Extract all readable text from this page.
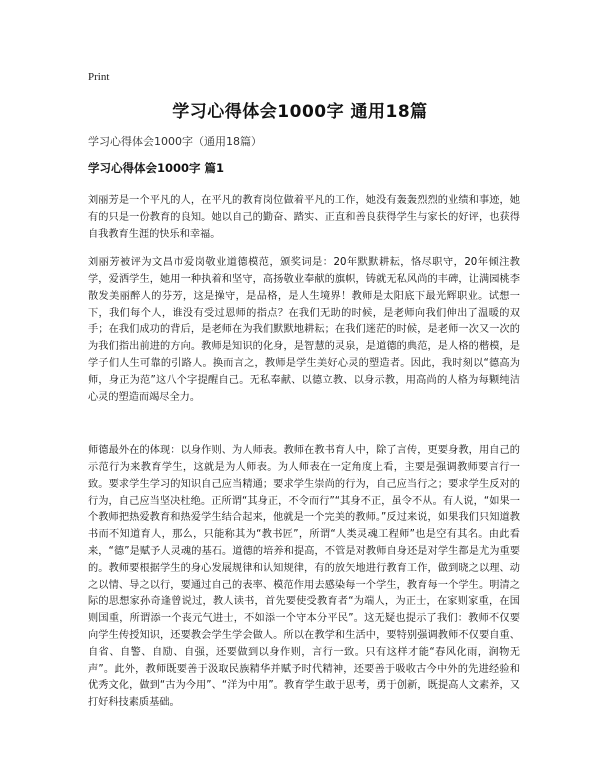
Print
学习心得体会1000字 通用18篇
学习心得体会1000字（通用18篇）
学习心得体会1000字 篇1

刘丽芳是一个平凡的人，在平凡的教育岗位做着平凡的工作，她没有轰轰烈烈的业绩和事迹，她有的只是一份教育的良知。她以自己的勤奋、踏实、正直和善良获得学生与家长的好评，也获得自我教育生涯的快乐和幸福。

刘丽芳被评为文昌市爱岗敬业道德模范，颁奖词是：20年默默耕耘，恪尽职守，20年倾注教学，爱洒学生，她用一种执着和坚守，高扬敬业奉献的旗帜，铸就无私风尚的丰碑，让满园桃李散发美丽醉人的芬芳，这是操守，是品格，是人生境界！教师是太阳底下最光辉职业。试想一下，我们每个人，谁没有受过恩师的指点？在我们无助的时候，是老师向我们伸出了温暖的双手；在我们成功的背后，是老师在为我们默默地耕耘；在我们迷茫的时候，是老师一次又一次的为我们指出前进的方向。教师是知识的化身，是智慧的灵泉，是道德的典范，是人格的楷模，是学子们人生可靠的引路人。换而言之，教师是学生美好心灵的塑造者。因此，我时刻以“德高为师，身正为范”这八个字提醒自己。无私奉献、以德立教、以身示教，用高尚的人格为每颗纯洁心灵的塑造而竭尽全力。

师德最外在的体现：以身作则、为人师表。教师在教书育人中，除了言传，更要身教，用自己的示范行为来教育学生，这就是为人师表。为人师表在一定角度上看，主要是强调教师要言行一致。要求学生学习的知识自己应当精通；要求学生崇尚的行为，自己应当行之；要求学生反对的行为，自己应当坚决杜绝。正所谓“其身正，不令而行”“其身不正，虽令不从。有人说，“如果一个教师把热爱教育和热爱学生结合起来，他就是一个完美的教师。”反过来说，如果我们只知道教书而不知道育人，那么，只能称其为“教书匠”，所谓“人类灵魂工程师”也是空有其名。由此看来，“德”是赋予人灵魂的基石。道德的培养和提高，不管是对教师自身还是对学生都是尤为重要的。教师要根据学生的身心发展规律和认知规律，有的放矢地进行教育工作，做到晓之以理、动之以情、导之以行，要通过自己的表率、模范作用去感染每一个学生，教育每一个学生。明清之际的思想家孙奇逢曾说过，教人读书，首先要使受教育者“为端人，为正士，在家则家重，在国则国重，所谓添一个丧元气进士，不如添一个守本分平民”。这无疑也提示了我们：教师不仅要向学生传授知识，还要教会学生学会做人。所以在教学和生活中，要特别强调教师不仅要自重、自省、自警、自励、自强，还要做到以身作则，言行一致。只有这样才能“春风化雨，润物无声”。此外，教师既要善于汲取民族精华并赋予时代精神，还要善于吸收古今中外的先进经验和优秀文化，做到“古为今用”、“洋为中用”。教育学生敢于思考，勇于创新，既提高人文素养，又打好科技素质基础。
